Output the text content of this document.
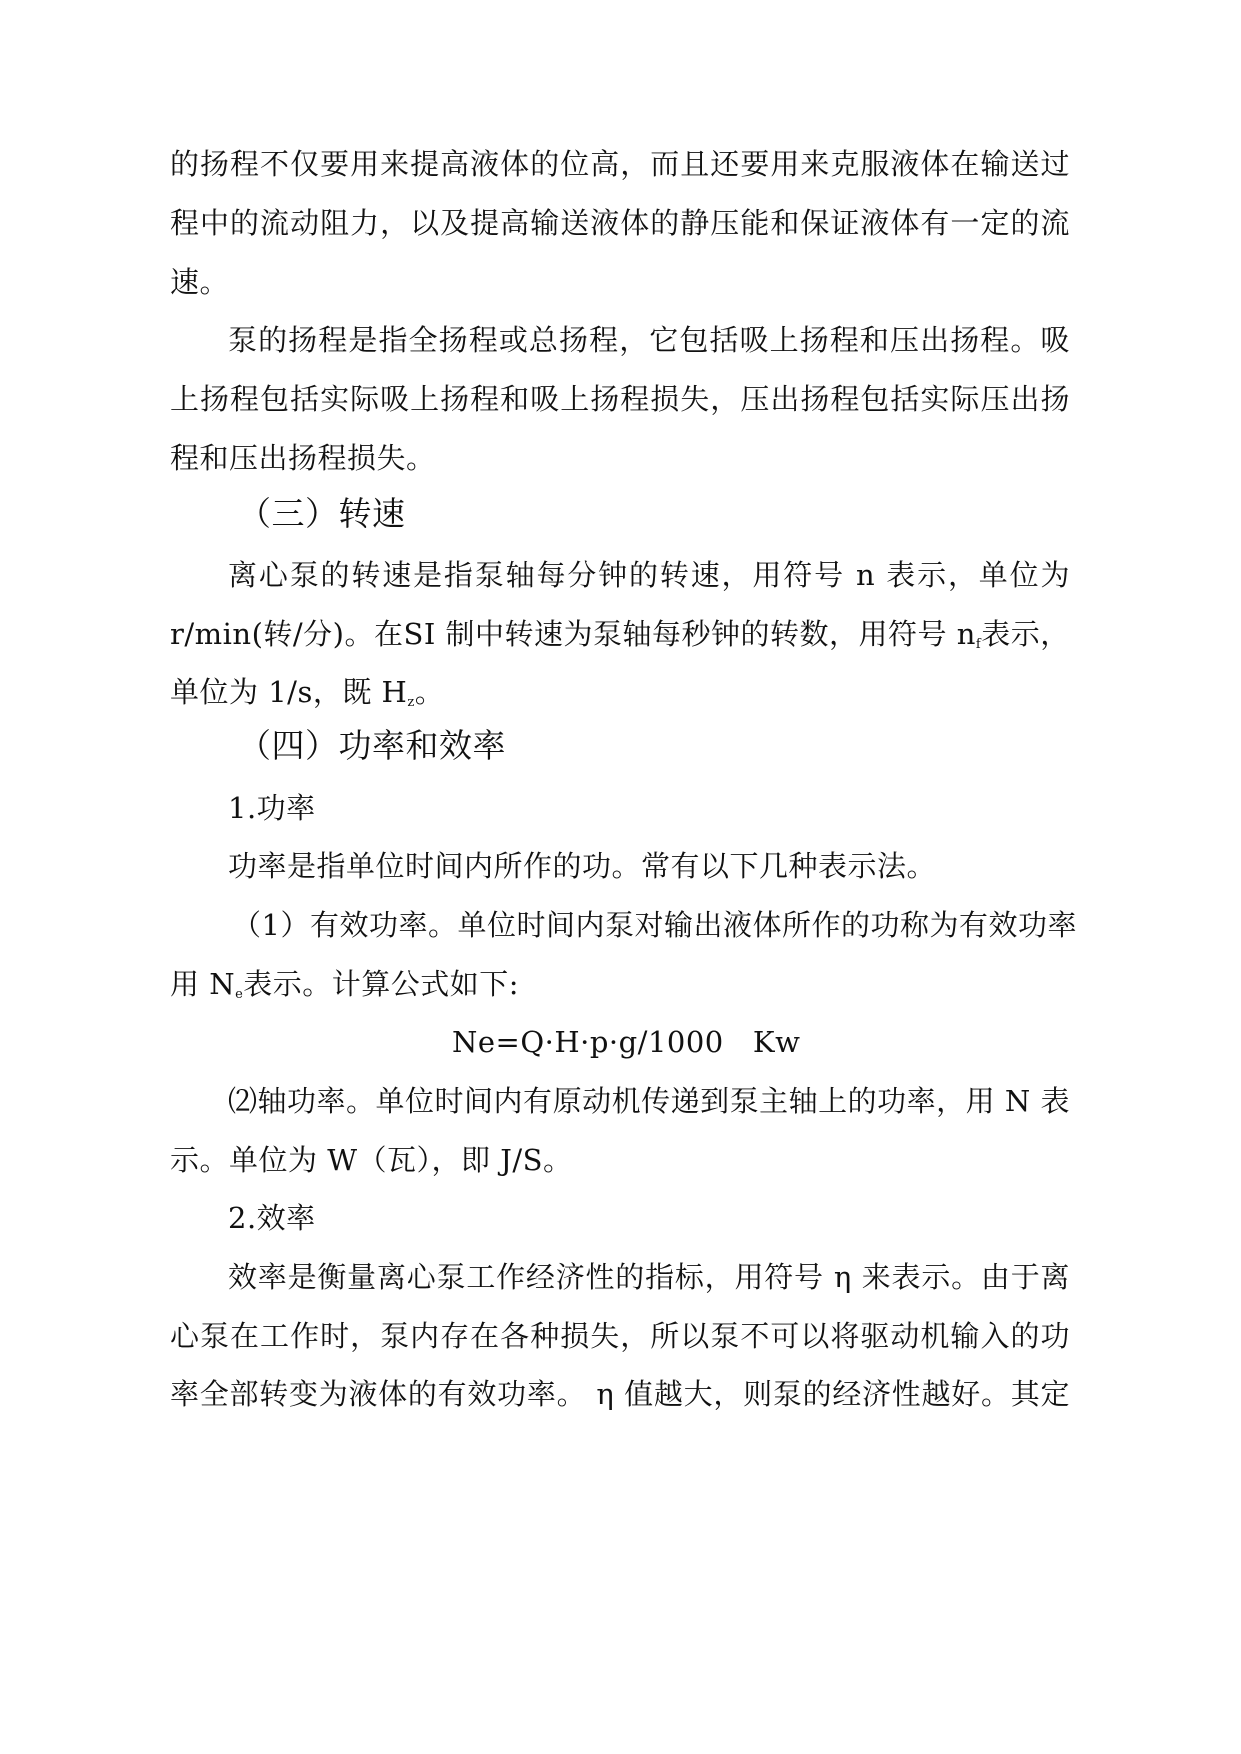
的扬程不仅要用来提高液体的位高，而且还要用来克服液体在输送过
程中的流动阻力，以及提高输送液体的静压能和保证液体有一定的流
速。
泵的扬程是指全扬程或总扬程，它包括吸上扬程和压出扬程。吸
上扬程包括实际吸上扬程和吸上扬程损失，压出扬程包括实际压出扬
程和压出扬程损失。
（三）转速
离心泵的转速是指泵轴每分钟的转速，用符号 n 表示，单位为
r/min(转/分)。在SI 制中转速为泵轴每秒钟的转数，用符号 $n_f$表示，
单位为 1/s，既 $H_z$。
（四）功率和效率
1.功率
功率是指单位时间内所作的功。常有以下几种表示法。
（1）有效功率。单位时间内泵对输出液体所作的功称为有效功率
用 $N_e$表示。计算公式如下:
Ne=Q·H·p·g/1000   Kw
⑵轴功率。单位时间内有原动机传递到泵主轴上的功率，用 N 表
示。单位为 W（瓦），即 J/S。
2.效率
效率是衡量离心泵工作经济性的指标，用符号 η 来表示。由于离
心泵在工作时，泵内存在各种损失，所以泵不可以将驱动机输入的功
率全部转变为液体的有效功率。 η 值越大，则泵的经济性越好。其定
